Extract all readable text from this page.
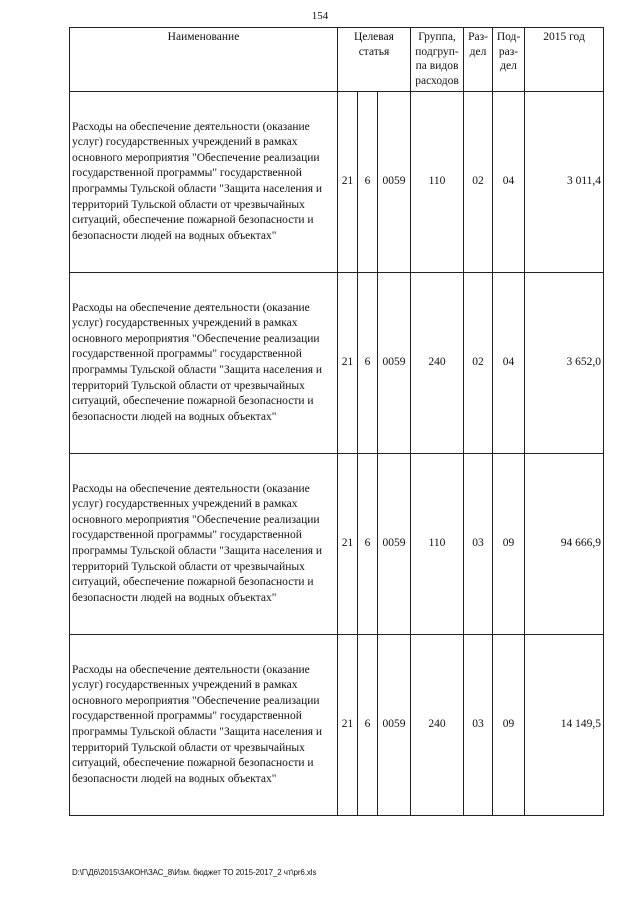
154
Наименование	Целевая статья			Группа, подгруп-па видов расходов	Раз-дел	Под-раз-дел	2015 год
Расходы на обеспечение деятельности (оказание услуг) государственных учреждений в рамках основного мероприятия "Обеспечение реализации государственной программы" государственной программы Тульской области "Защита населения и территорий Тульской области от чрезвычайных ситуаций, обеспечение пожарной безопасности и безопасности людей на водных объектах"	21	6	0059	110	02	04	3 011,4
Расходы на обеспечение деятельности (оказание услуг) государственных учреждений в рамках основного мероприятия "Обеспечение реализации государственной программы" государственной программы Тульской области "Защита населения и территорий Тульской области от чрезвычайных ситуаций, обеспечение пожарной безопасности и безопасности людей на водных объектах"	21	6	0059	240	02	04	3 652,0
Расходы на обеспечение деятельности (оказание услуг) государственных учреждений в рамках основного мероприятия "Обеспечение реализации государственной программы" государственной программы Тульской области "Защита населения и территорий Тульской области от чрезвычайных ситуаций, обеспечение пожарной безопасности и безопасности людей на водных объектах"	21	6	0059	110	03	09	94 666,9
Расходы на обеспечение деятельности (оказание услуг) государственных учреждений в рамках основного мероприятия "Обеспечение реализации государственной программы" государственной программы Тульской области "Защита населения и территорий Тульской области от чрезвычайных ситуаций, обеспечение пожарной безопасности и безопасности людей на водных объектах"	21	6	0059	240	03	09	14 149,5
D:\Г\Д6\2015\ЗАКОН\ЗАС_8\Изм. бюджет ТО 2015-2017_2 чт\pr6.xls
